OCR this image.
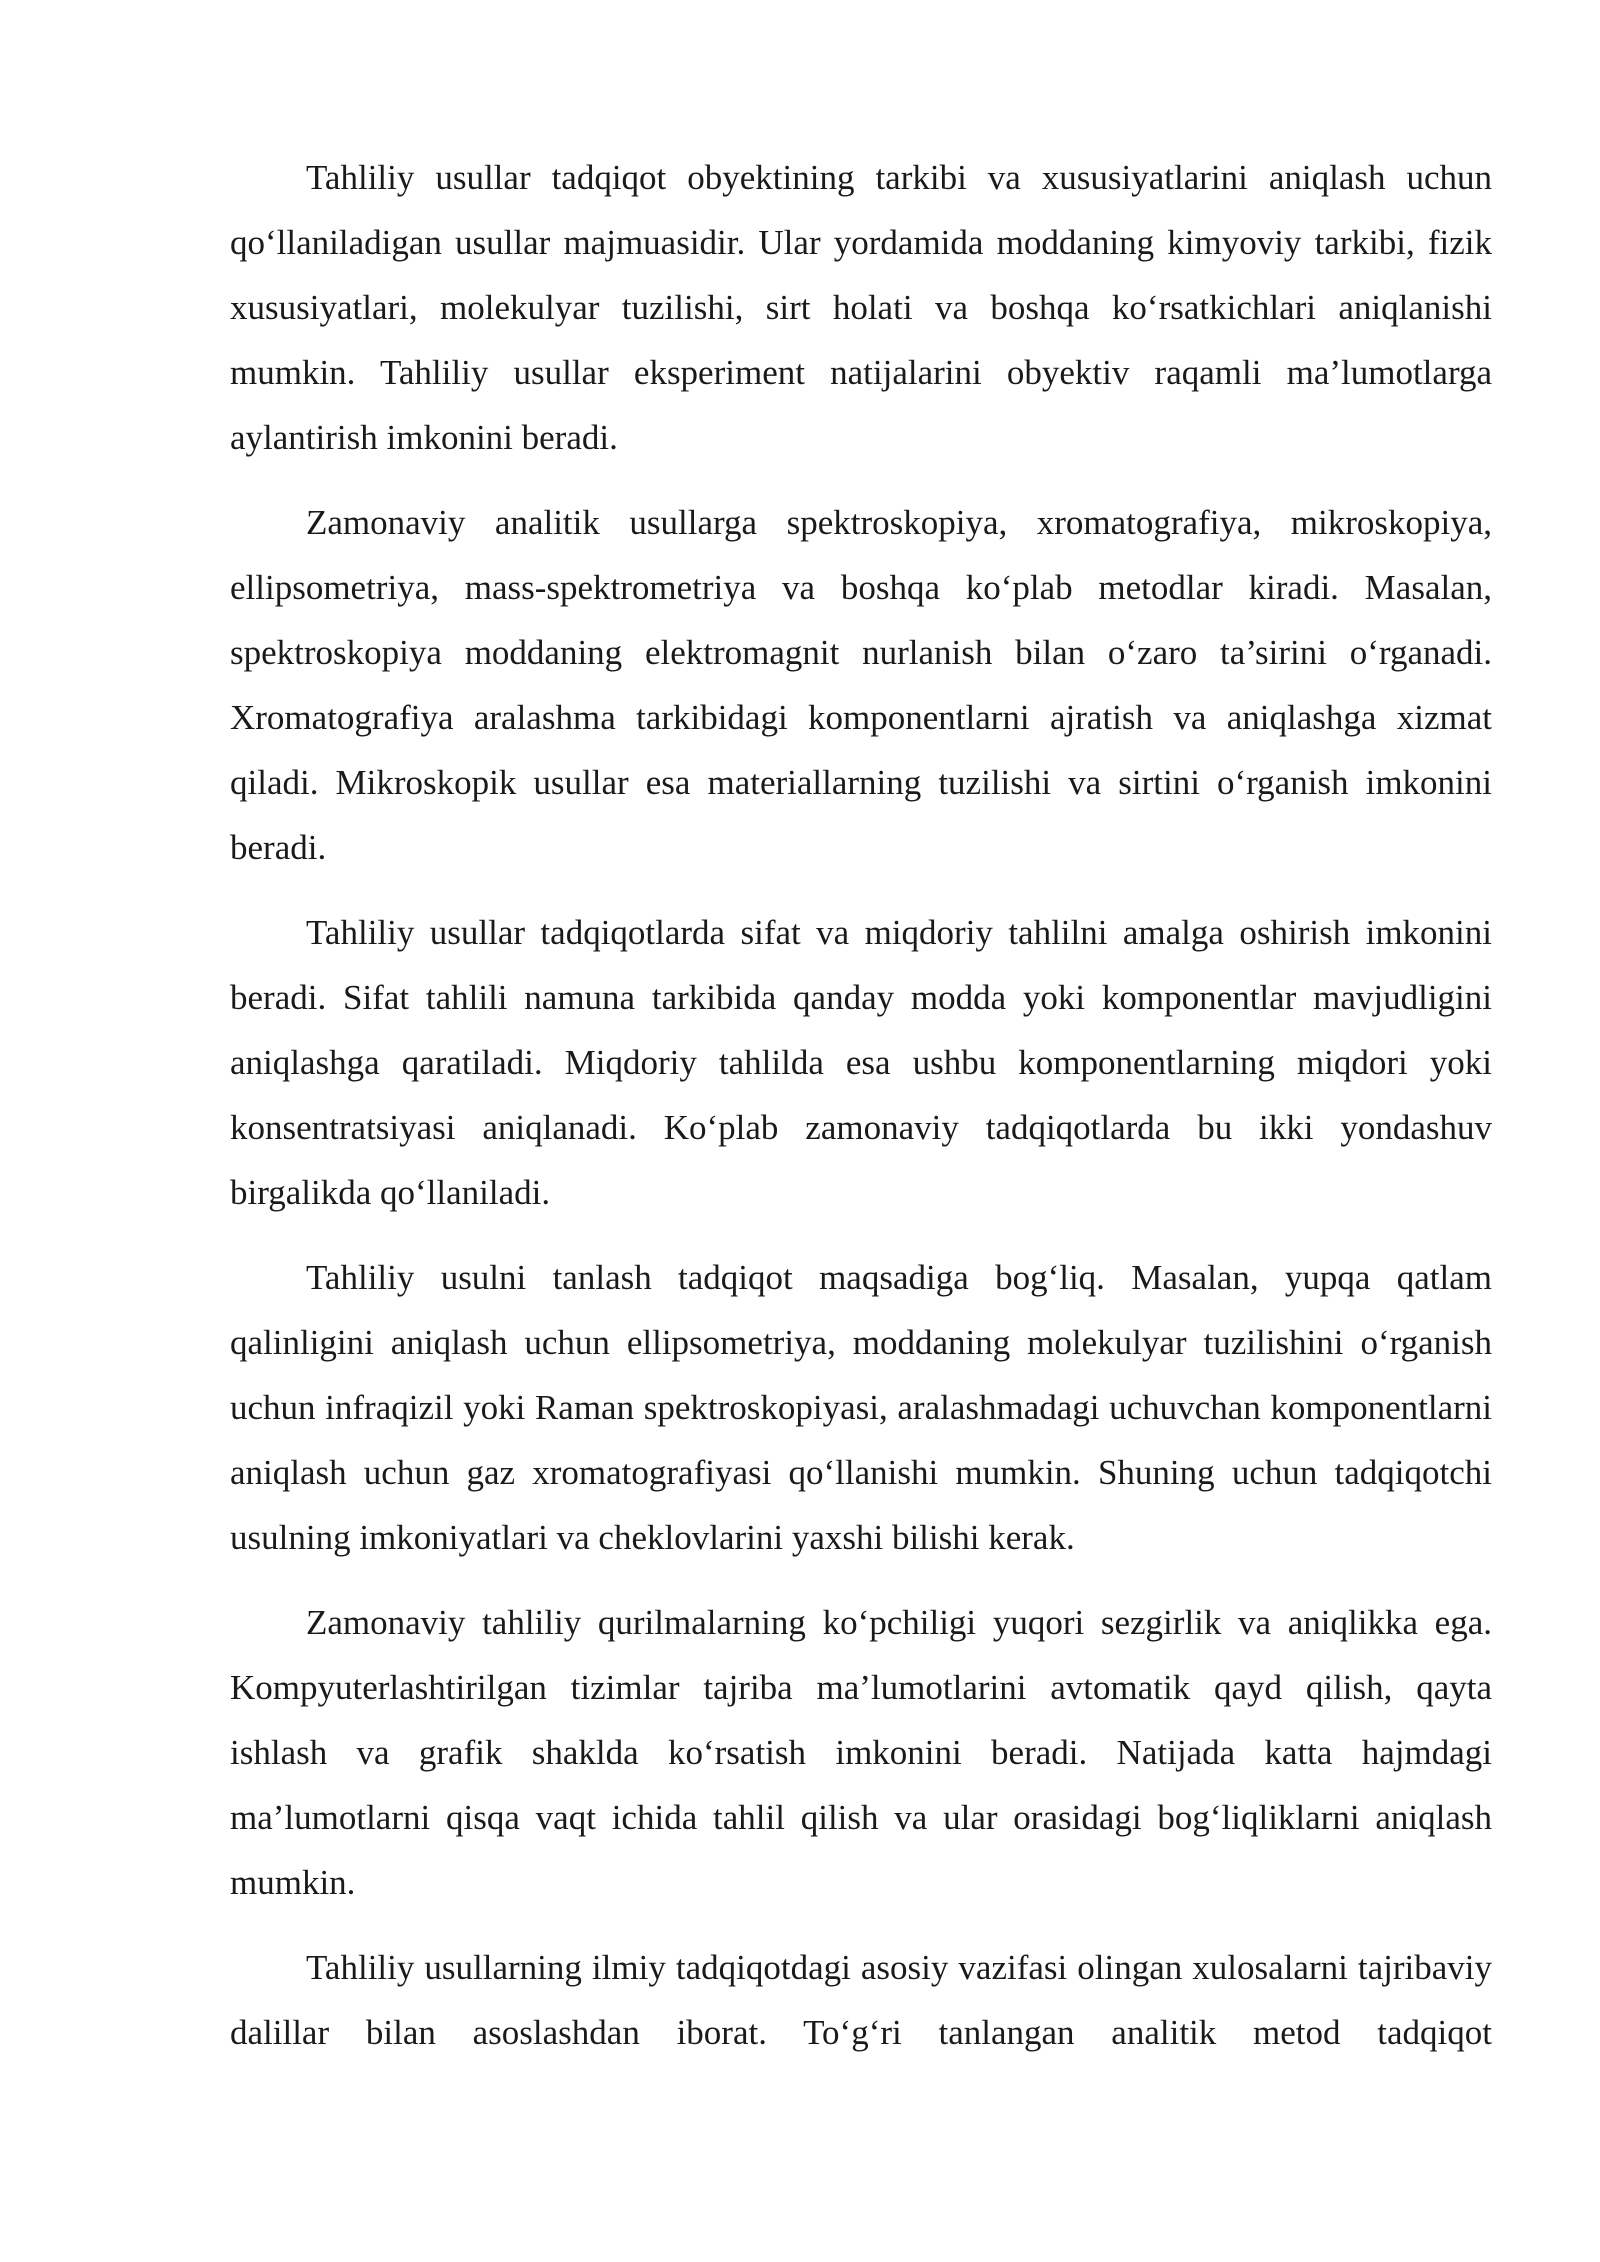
Tahliliy usullar tadqiqot obyektining tarkibi va xususiyatlarini aniqlash uchun qo‘llaniladigan usullar majmuasidir. Ular yordamida moddaning kimyoviy tarkibi, fizik xususiyatlari, molekulyar tuzilishi, sirt holati va boshqa ko‘rsatkichlari aniqlanishi mumkin. Tahliliy usullar eksperiment natijalarini obyektiv raqamli ma’lumotlarga aylantirish imkonini beradi.

Zamonaviy analitik usullarga spektroskopiya, xromatografiya, mikroskopiya, ellipsometriya, mass-spektrometriya va boshqa ko‘plab metodlar kiradi. Masalan, spektroskopiya moddaning elektromagnit nurlanish bilan o‘zaro ta’sirini o‘rganadi. Xromatografiya aralashma tarkibidagi komponentlarni ajratish va aniqlashga xizmat qiladi. Mikroskopik usullar esa materiallarning tuzilishi va sirtini o‘rganish imkonini beradi.

Tahliliy usullar tadqiqotlarda sifat va miqdoriy tahlilni amalga oshirish imkonini beradi. Sifat tahlili namuna tarkibida qanday modda yoki komponentlar mavjudligini aniqlashga qaratiladi. Miqdoriy tahlilda esa ushbu komponentlarning miqdori yoki konsentratsiyasi aniqlanadi. Ko‘plab zamonaviy tadqiqotlarda bu ikki yondashuv birgalikda qo‘llaniladi.

Tahliliy usulni tanlash tadqiqot maqsadiga bog‘liq. Masalan, yupqa qatlam qalinligini aniqlash uchun ellipsometriya, moddaning molekulyar tuzilishini o‘rganish uchun infraqizil yoki Raman spektroskopiyasi, aralashmadagi uchuvchan komponentlarni aniqlash uchun gaz xromatografiyasi qo‘llanishi mumkin. Shuning uchun tadqiqotchi usulning imkoniyatlari va cheklovlarini yaxshi bilishi kerak.

Zamonaviy tahliliy qurilmalarning ko‘pchiligi yuqori sezgirlik va aniqlikka ega. Kompyuterlashtirilgan tizimlar tajriba ma’lumotlarini avtomatik qayd qilish, qayta ishlash va grafik shaklda ko‘rsatish imkonini beradi. Natijada katta hajmdagi ma’lumotlarni qisqa vaqt ichida tahlil qilish va ular orasidagi bog‘liqliklarni aniqlash mumkin.

Tahliliy usullarning ilmiy tadqiqotdagi asosiy vazifasi olingan xulosalarni tajribaviy dalillar bilan asoslashdan iborat. To‘g‘ri tanlangan analitik metod tadqiqot
